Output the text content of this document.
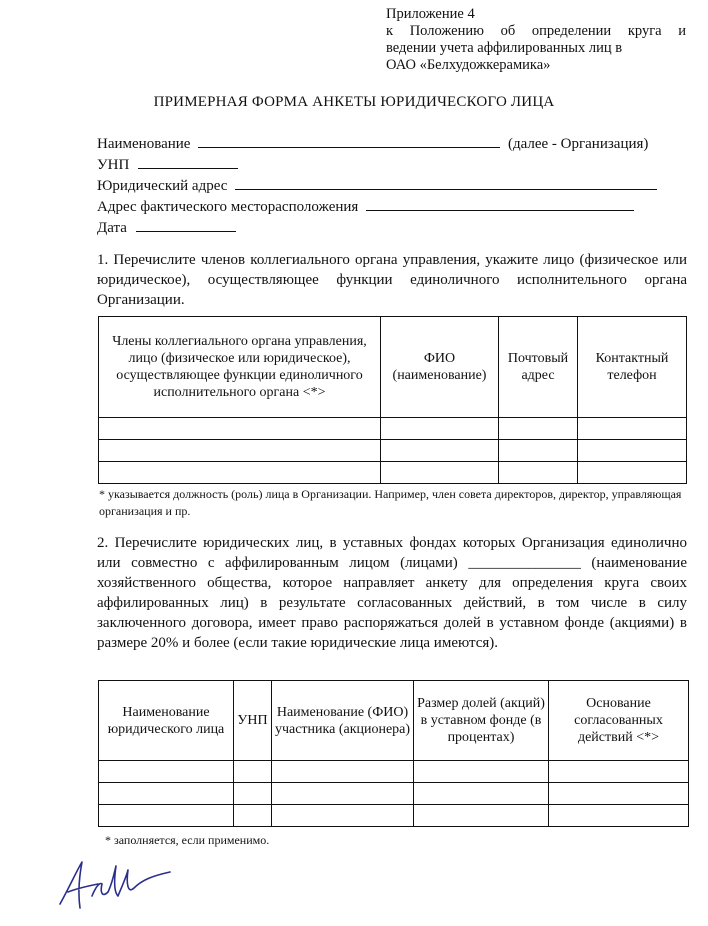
Приложение 4
к Положению об определении круга и
ведении учета аффилированных лиц в
ОАО «Белхудожкерамика»
ПРИМЕРНАЯ ФОРМА АНКЕТЫ ЮРИДИЧЕСКОГО ЛИЦА
Наименование	(далее - Организация)
УНП
Юридический адрес
Адрес фактического месторасположения
Дата
1. Перечислите членов коллегиального органа управления, укажите лицо (физическое или юридическое), осуществляющее функции единоличного исполнительного органа Организации.
Члены коллегиального органа управления, лицо (физическое или юридическое), осуществляющее функции единоличного исполнительного органа <*>	ФИО (наименование)	Почтовый адрес	Контактный телефон

* указывается должность (роль) лица в Организации. Например, член совета директоров, директор, управляющая организация и пр.
2. Перечислите юридических лиц, в уставных фондах которых Организация единолично или совместно с аффилированным лицом (лицами) _______________ (наименование хозяйственного общества, которое направляет анкету для определения круга своих аффилированных лиц) в результате согласованных действий, в том числе в силу заключенного договора, имеет право распоряжаться долей в уставном фонде (акциями) в размере 20% и более (если такие юридические лица имеются).
Наименование юридического лица	УНП	Наименование (ФИО) участника (акционера)	Размер долей (акций) в уставном фонде (в процентах)	Основание согласованных действий <*>

* заполняется, если применимо.
